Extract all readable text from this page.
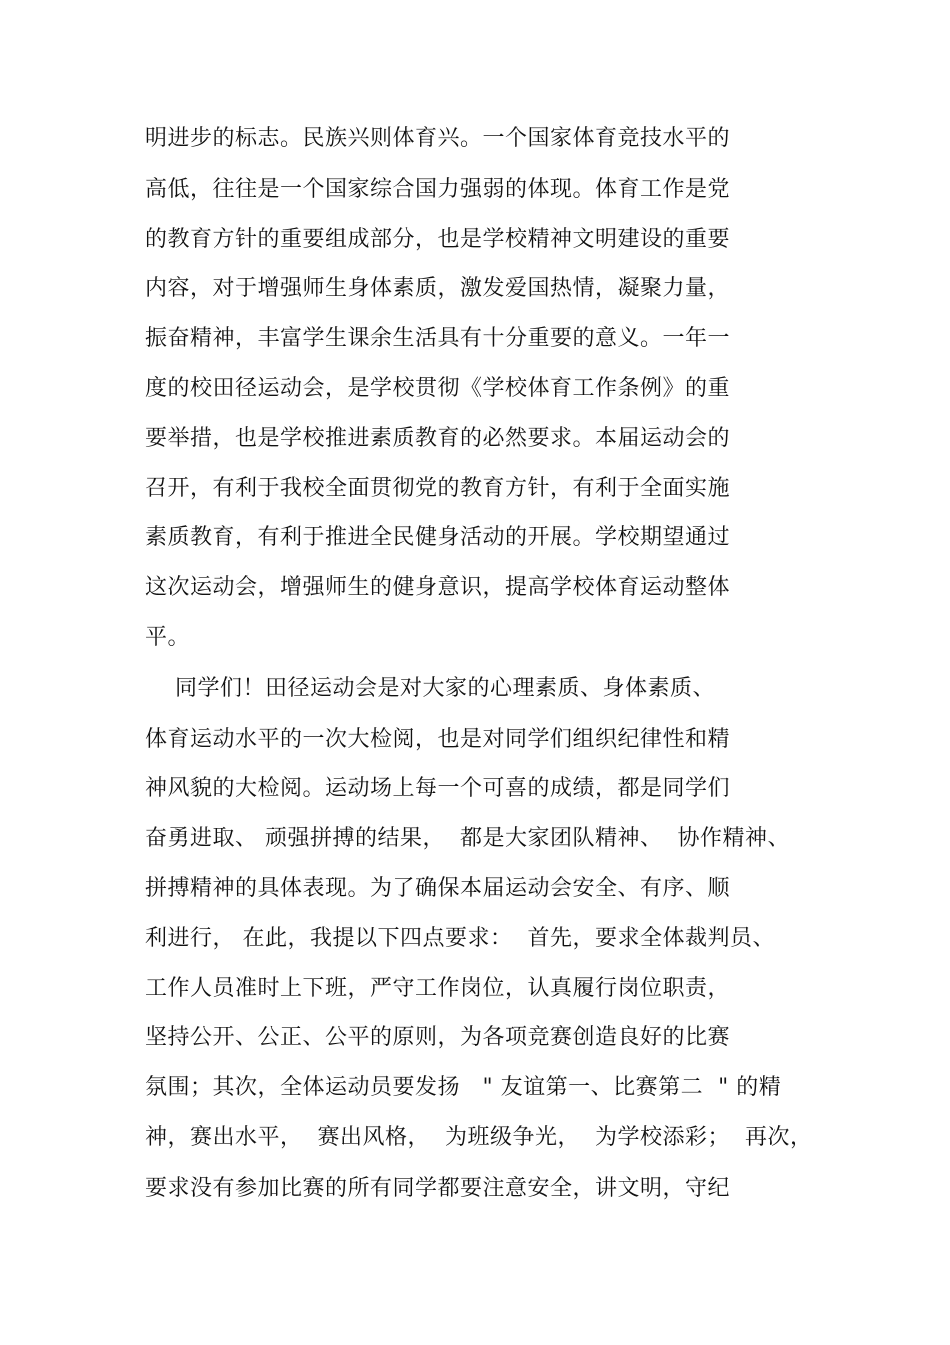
明进步的标志。民族兴则体育兴。一个国家体育竞技水平的
高低，往往是一个国家综合国力强弱的体现。体育工作是党
的教育方针的重要组成部分，也是学校精神文明建设的重要
内容，对于增强师生身体素质，激发爱国热情，凝聚力量，
振奋精神，丰富学生课余生活具有十分重要的意义。一年一
度的校田径运动会，是学校贯彻《学校体育工作条例》的重
要举措，也是学校推进素质教育的必然要求。本届运动会的
召开，有利于我校全面贯彻党的教育方针，有利于全面实施
素质教育，有利于推进全民健身活动的开展。学校期望通过
这次运动会，增强师生的健身意识，提高学校体育运动整体
平。
同学们！田径运动会是对大家的心理素质、身体素质、
体育运动水平的一次大检阅，也是对同学们组织纪律性和精
神风貌的大检阅。运动场上每一个可喜的成绩，都是同学们
奋勇进取、 顽强拼搏的结果，  都是大家团队精神、  协作精神、
拼搏精神的具体表现。为了确保本届运动会安全、有序、顺
利进行， 在此，我提以下四点要求：  首先，要求全体裁判员、
工作人员准时上下班，严守工作岗位，认真履行岗位职责，
坚持公开、公正、公平的原则，为各项竞赛创造良好的比赛
氛围；其次，全体运动员要发扬   " 友谊第一、比赛第二  " 的精
神，赛出水平，  赛出风格，  为班级争光，  为学校添彩；  再次，
要求没有参加比赛的所有同学都要注意安全，讲文明，守纪
